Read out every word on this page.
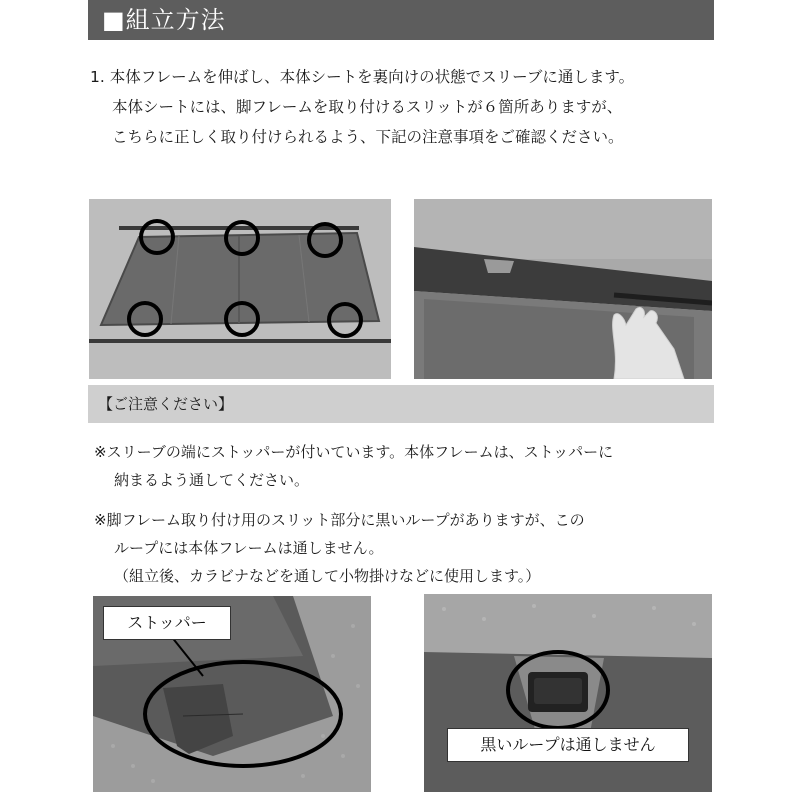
■組立方法
1. 本体フレームを伸ばし、本体シートを裏向けの状態でスリーブに通します。
本体シートには、脚フレームを取り付けるスリットが６箇所ありますが、
こちらに正しく取り付けられるよう、下記の注意事項をご確認ください。
【ご注意ください】
※スリーブの端にストッパーが付いています。本体フレームは、ストッパーに
納まるよう通してください。
※脚フレーム取り付け用のスリット部分に黒いループがありますが、この
ループには本体フレームは通しません。
（組立後、カラビナなどを通して小物掛けなどに使用します。）
ストッパー
黒いループは通しません
